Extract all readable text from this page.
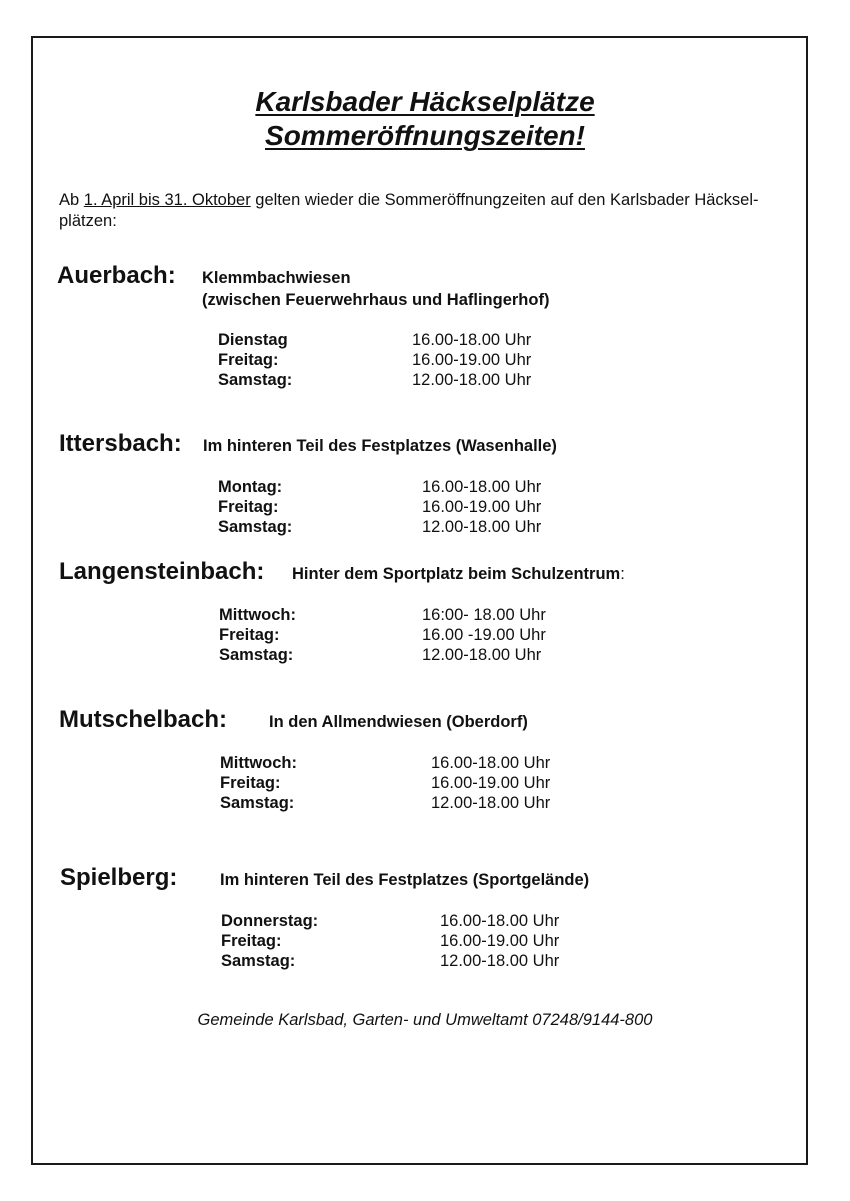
Karlsbader Häckselplätze
Sommeröffnungszeiten!

Ab 1. April bis 31. Oktober gelten wieder die Sommeröffnungzeiten auf den Karlsbader Häcksel-
plätzen:

Auerbach: Klemmbachwiesen
(zwischen Feuerwehrhaus und Haflingerhof)
Dienstag	16.00-18.00 Uhr
Freitag:	16.00-19.00 Uhr
Samstag:	12.00-18.00 Uhr
Ittersbach: Im hinteren Teil des Festplatzes (Wasenhalle)
Montag:	16.00-18.00 Uhr
Freitag:	16.00-19.00 Uhr
Samstag:	12.00-18.00 Uhr
Langensteinbach: Hinter dem Sportplatz beim Schulzentrum:
Mittwoch:	16:00- 18.00 Uhr
Freitag:	16.00 -19.00 Uhr
Samstag:	12.00-18.00 Uhr
Mutschelbach:	In den Allmendwiesen (Oberdorf)
Mittwoch:	16.00-18.00 Uhr
Freitag:	16.00-19.00 Uhr
Samstag:	12.00-18.00 Uhr
Spielberg:	Im hinteren Teil des Festplatzes (Sportgelände)
Donnerstag:	16.00-18.00 Uhr
Freitag:	16.00-19.00 Uhr
Samstag:	12.00-18.00 Uhr

Gemeinde Karlsbad, Garten- und Umweltamt 07248/9144-800
